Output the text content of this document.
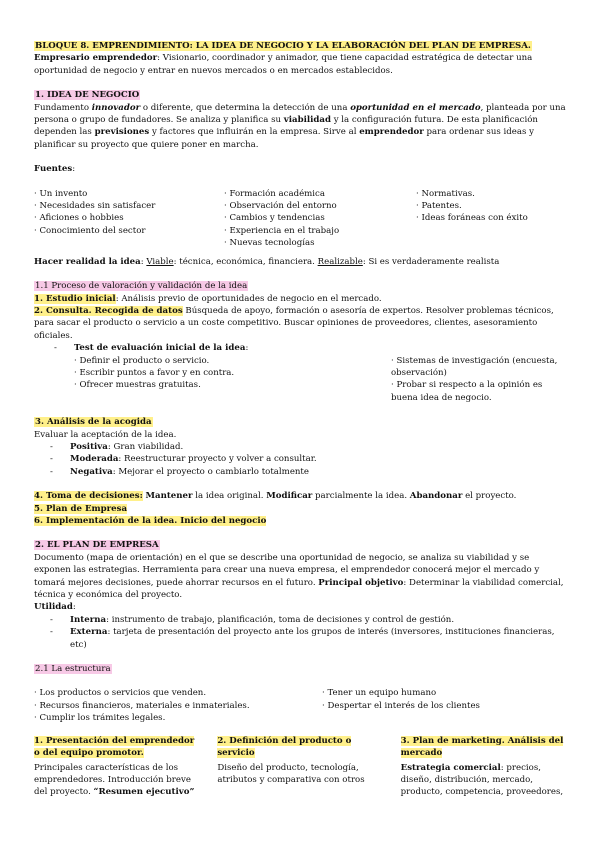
BLOQUE 8. EMPRENDIMIENTO: LA IDEA DE NEGOCIO Y LA ELABORACIÓN DEL PLAN DE EMPRESA.

Empresario emprendedor: Visionario, coordinador y animador, que tiene capacidad estratégica de detectar una oportunidad de negocio y entrar en nuevos mercados o en mercados establecidos.

1. IDEA DE NEGOCIO

Fundamento innovador o diferente, que determina la detección de una oportunidad en el mercado, planteada por una persona o grupo de fundadores. Se analiza y planifica su viabilidad y la configuración futura. De esta planificación dependen las previsiones y factores que influirán en la empresa. Sirve al emprendedor para ordenar sus ideas y planificar su proyecto que quiere poner en marcha.

Fuentes:

· Un invento
· Necesidades sin satisfacer
· Aficiones o hobbies
· Conocimiento del sector
· Formación académica
· Observación del entorno
· Cambios y tendencias
· Experiencia en el trabajo
· Nuevas tecnologías
· Normativas.
· Patentes.
· Ideas foráneas con éxito

Hacer realidad la idea: Viable: técnica, económica, financiera. Realizable: Si es verdaderamente realista

1.1 Proceso de valoración y validación de la idea

1. Estudio inicial: Análisis previo de oportunidades de negocio en el mercado.

2. Consulta. Recogida de datos Búsqueda de apoyo, formación o asesoría de expertos. Resolver problemas técnicos, para sacar el producto o servicio a un coste competitivo. Buscar opiniones de proveedores, clientes, asesoramiento oficiales.

-	Test de evaluación inicial de la idea:
· Definir el producto o servicio.
· Escribir puntos a favor y en contra.
· Ofrecer muestras gratuitas.
· Sistemas de investigación (encuesta, observación)
· Probar si respecto a la opinión es buena idea de negocio.

3. Análisis de la acogida

Evaluar la aceptación de la idea.

-	Positiva: Gran viabilidad.
-	Moderada: Reestructurar proyecto y volver a consultar.
-	Negativa: Mejorar el proyecto o cambiarlo totalmente

4. Toma de decisiones: Mantener la idea original. Modificar parcialmente la idea. Abandonar el proyecto.

5. Plan de Empresa

6. Implementación de la idea. Inicio del negocio

2. EL PLAN DE EMPRESA

Documento (mapa de orientación) en el que se describe una oportunidad de negocio, se analiza su viabilidad y se exponen las estrategias. Herramienta para crear una nueva empresa, el emprendedor conocerá mejor el mercado y tomará mejores decisiones, puede ahorrar recursos en el futuro. Principal objetivo: Determinar la viabilidad comercial, técnica y económica del proyecto.

Utilidad:

-	Interna: instrumento de trabajo, planificación, toma de decisiones y control de gestión.
-	Externa: tarjeta de presentación del proyecto ante los grupos de interés (inversores, instituciones financieras, etc)

2.1 La estructura

· Los productos o servicios que venden.
· Recursos financieros, materiales e inmateriales.
· Cumplir los trámites legales.
· Tener un equipo humano
· Despertar el interés de los clientes
1. Presentación del emprendedor o del equipo promotor.
Principales características de los emprendedores. Introducción breve del proyecto. “Resumen ejecutivo”
2. Definición del producto o servicio
Diseño del producto, tecnología, atributos y comparativa con otros
3. Plan de marketing. Análisis del mercado
Estrategia comercial: precios, diseño, distribución, mercado, producto, competencia, proveedores,
